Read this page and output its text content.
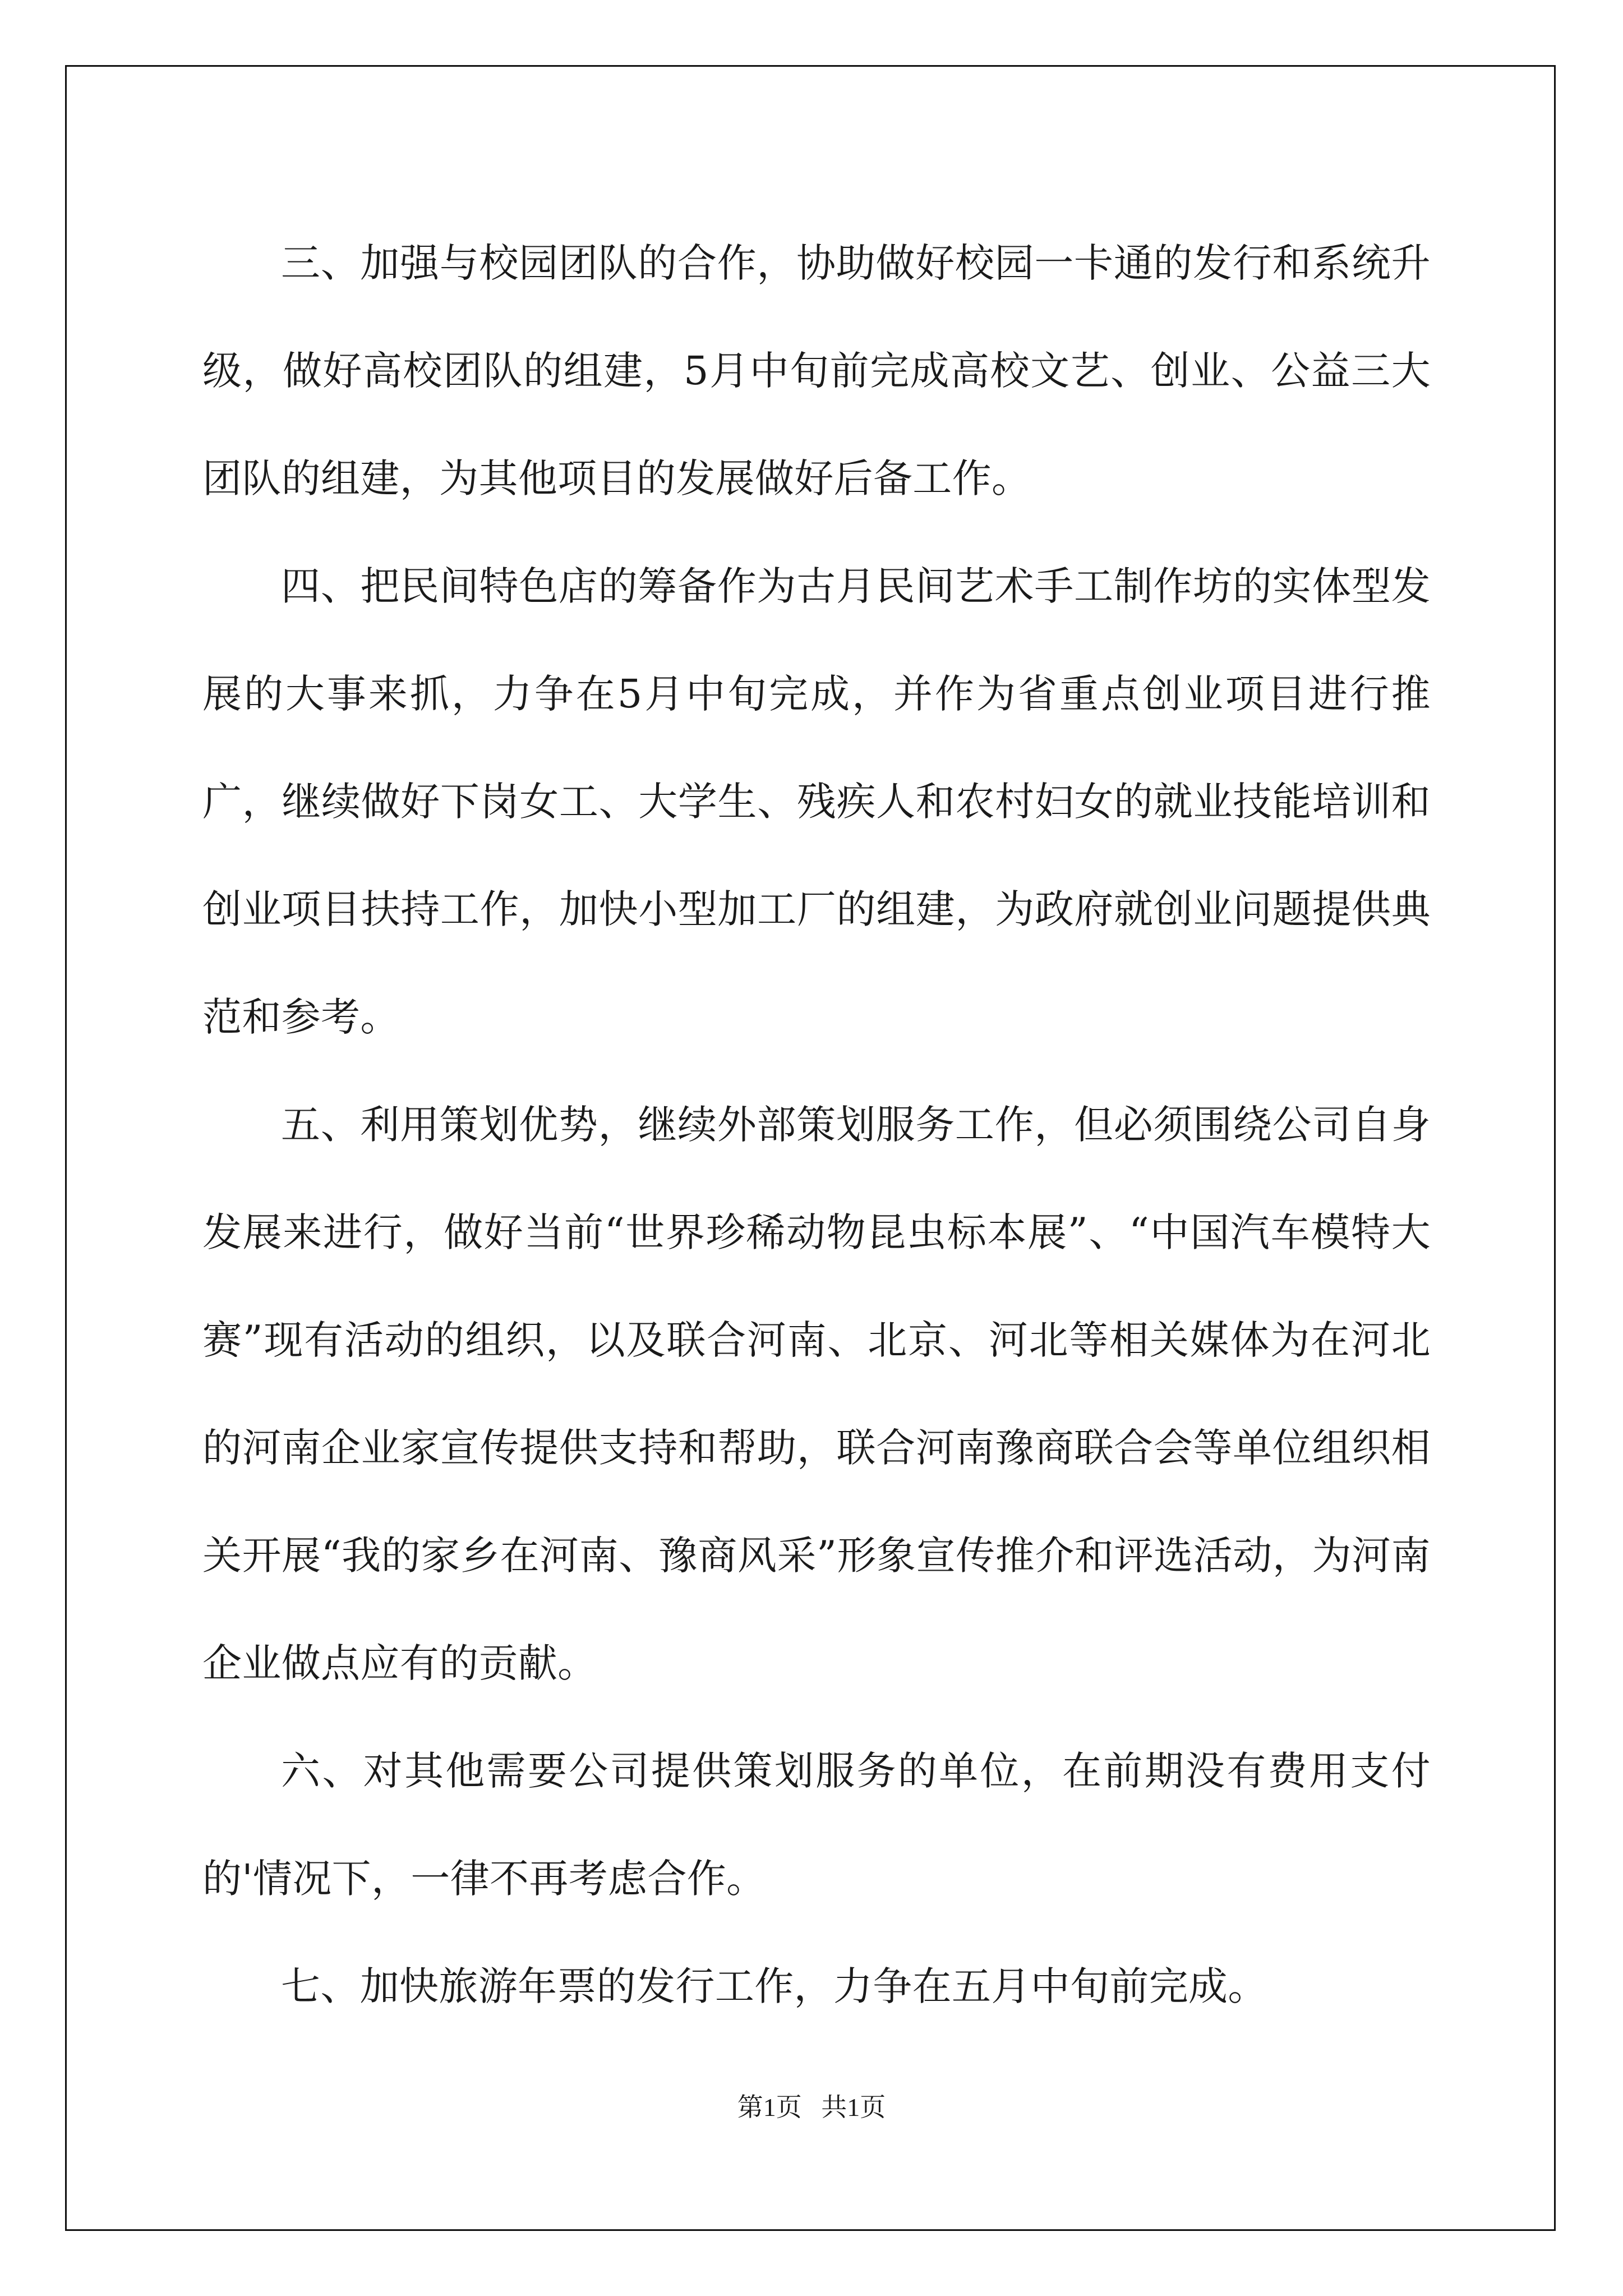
三、加强与校园团队的合作，协助做好校园一卡通的发行和系统升级，做好高校团队的组建，5月中旬前完成高校文艺、创业、公益三大团队的组建，为其他项目的发展做好后备工作。

四、把民间特色店的筹备作为古月民间艺术手工制作坊的实体型发展的大事来抓，力争在5月中旬完成，并作为省重点创业项目进行推广，继续做好下岗女工、大学生、残疾人和农村妇女的就业技能培训和创业项目扶持工作，加快小型加工厂的组建，为政府就创业问题提供典范和参考。

五、利用策划优势，继续外部策划服务工作，但必须围绕公司自身发展来进行，做好当前“世界珍稀动物昆虫标本展”、“中国汽车模特大赛”现有活动的组织，以及联合河南、北京、河北等相关媒体为在河北的河南企业家宣传提供支持和帮助，联合河南豫商联合会等单位组织相关开展“我的家乡在河南、豫商风采”形象宣传推介和评选活动，为河南企业做点应有的贡献。

六、对其他需要公司提供策划服务的单位，在前期没有费用支付的'情况下，一律不再考虑合作。

七、加快旅游年票的发行工作，力争在五月中旬前完成。

第1页 共1页
